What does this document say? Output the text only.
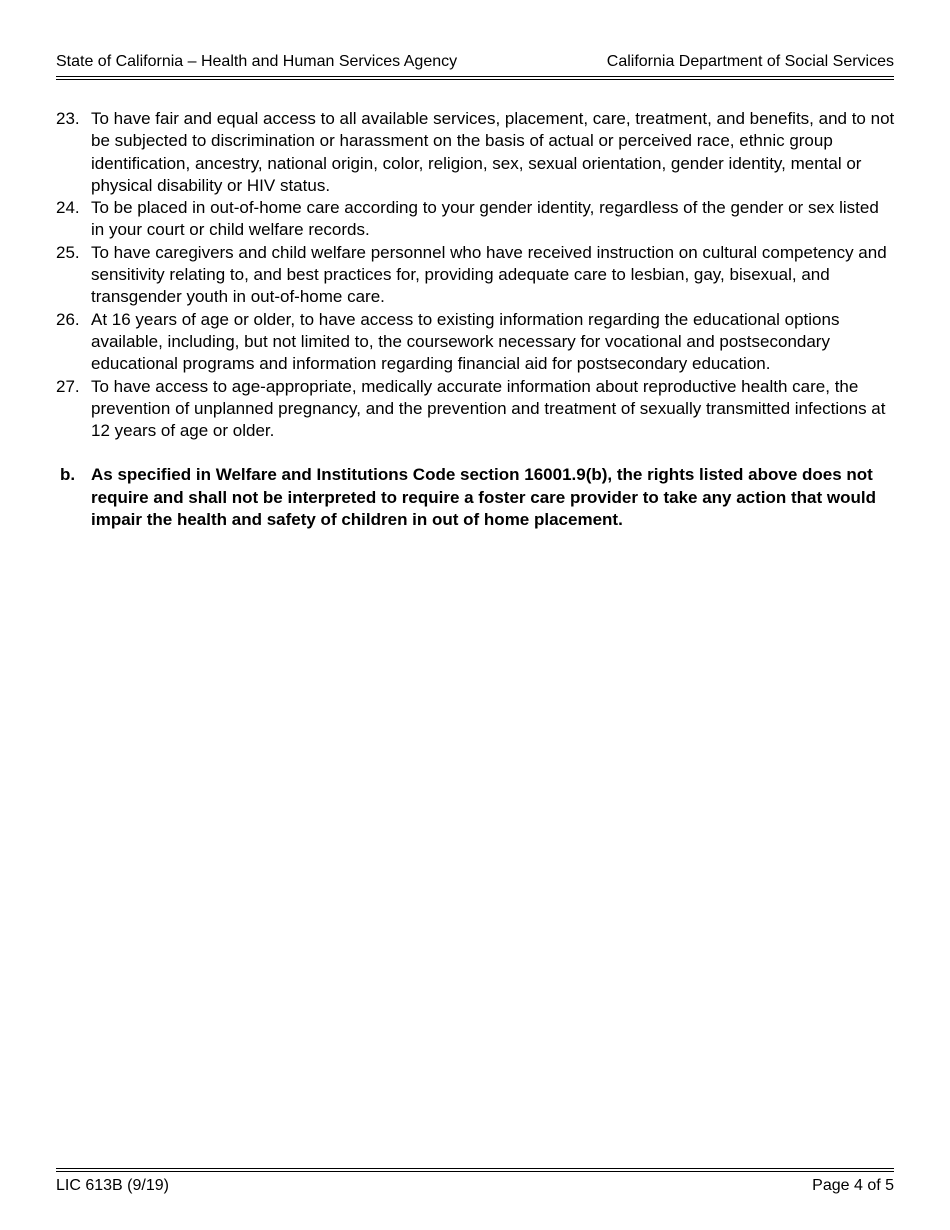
State of California – Health and Human Services Agency	California Department of Social Services
23. To have fair and equal access to all available services, placement, care, treatment, and benefits, and to not be subjected to discrimination or harassment on the basis of actual or perceived race, ethnic group identification, ancestry, national origin, color, religion, sex, sexual orientation, gender identity, mental or physical disability or HIV status.
24. To be placed in out-of-home care according to your gender identity, regardless of the gender or sex listed in your court or child welfare records.
25. To have caregivers and child welfare personnel who have received instruction on cultural competency and sensitivity relating to, and best practices for, providing adequate care to lesbian, gay, bisexual, and transgender youth in out-of-home care.
26. At 16 years of age or older, to have access to existing information regarding the educational options available, including, but not limited to, the coursework necessary for vocational and postsecondary educational programs and information regarding financial aid for postsecondary education.
27. To have access to age-appropriate, medically accurate information about reproductive health care, the prevention of unplanned pregnancy, and the prevention and treatment of sexually transmitted infections at 12 years of age or older.
b. As specified in Welfare and Institutions Code section 16001.9(b), the rights listed above does not require and shall not be interpreted to require a foster care provider to take any action that would impair the health and safety of children in out of home placement.
LIC 613B (9/19)	Page 4 of 5
